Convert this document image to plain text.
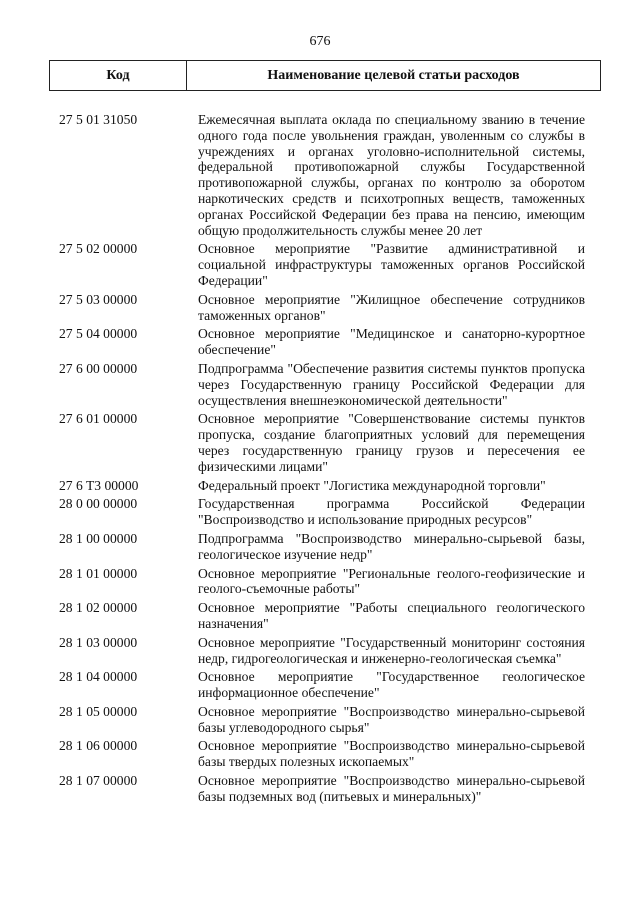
676
Код	Наименование целевой статьи расходов
27 5 01 31050	Ежемесячная выплата оклада по специальному званию в течение одного года после увольнения граждан, уволенным со службы в учреждениях и органах уголовно-исполнительной системы, федеральной противопожарной службы Государственной противопожарной службы, органах по контролю за оборотом наркотических средств и психотропных веществ, таможенных органах Российской Федерации без права на пенсию, имеющим общую продолжительность службы менее 20 лет
27 5 02 00000	Основное мероприятие "Развитие административной и социальной инфраструктуры таможенных органов Российской Федерации"
27 5 03 00000	Основное мероприятие "Жилищное обеспечение сотрудников таможенных органов"
27 5 04 00000	Основное мероприятие "Медицинское и санаторно-курортное обеспечение"
27 6 00 00000	Подпрограмма "Обеспечение развития системы пунктов пропуска через Государственную границу Российской Федерации для осуществления внешнеэкономической деятельности"
27 6 01 00000	Основное мероприятие "Совершенствование системы пунктов пропуска, создание благоприятных условий для перемещения через государственную границу грузов и пересечения ее физическими лицами"
27 6 T3 00000	Федеральный проект "Логистика международной торговли"
28 0 00 00000	Государственная программа Российской Федерации "Воспроизводство и использование природных ресурсов"
28 1 00 00000	Подпрограмма "Воспроизводство минерально-сырьевой базы, геологическое изучение недр"
28 1 01 00000	Основное мероприятие "Региональные геолого-геофизические и геолого-съемочные работы"
28 1 02 00000	Основное мероприятие "Работы специального геологического назначения"
28 1 03 00000	Основное мероприятие "Государственный мониторинг состояния недр, гидрогеологическая и инженерно-геологическая съемка"
28 1 04 00000	Основное мероприятие "Государственное геологическое информационное обеспечение"
28 1 05 00000	Основное мероприятие "Воспроизводство минерально-сырьевой базы углеводородного сырья"
28 1 06 00000	Основное мероприятие "Воспроизводство минерально-сырьевой базы твердых полезных ископаемых"
28 1 07 00000	Основное мероприятие "Воспроизводство минерально-сырьевой базы подземных вод (питьевых и минеральных)"
